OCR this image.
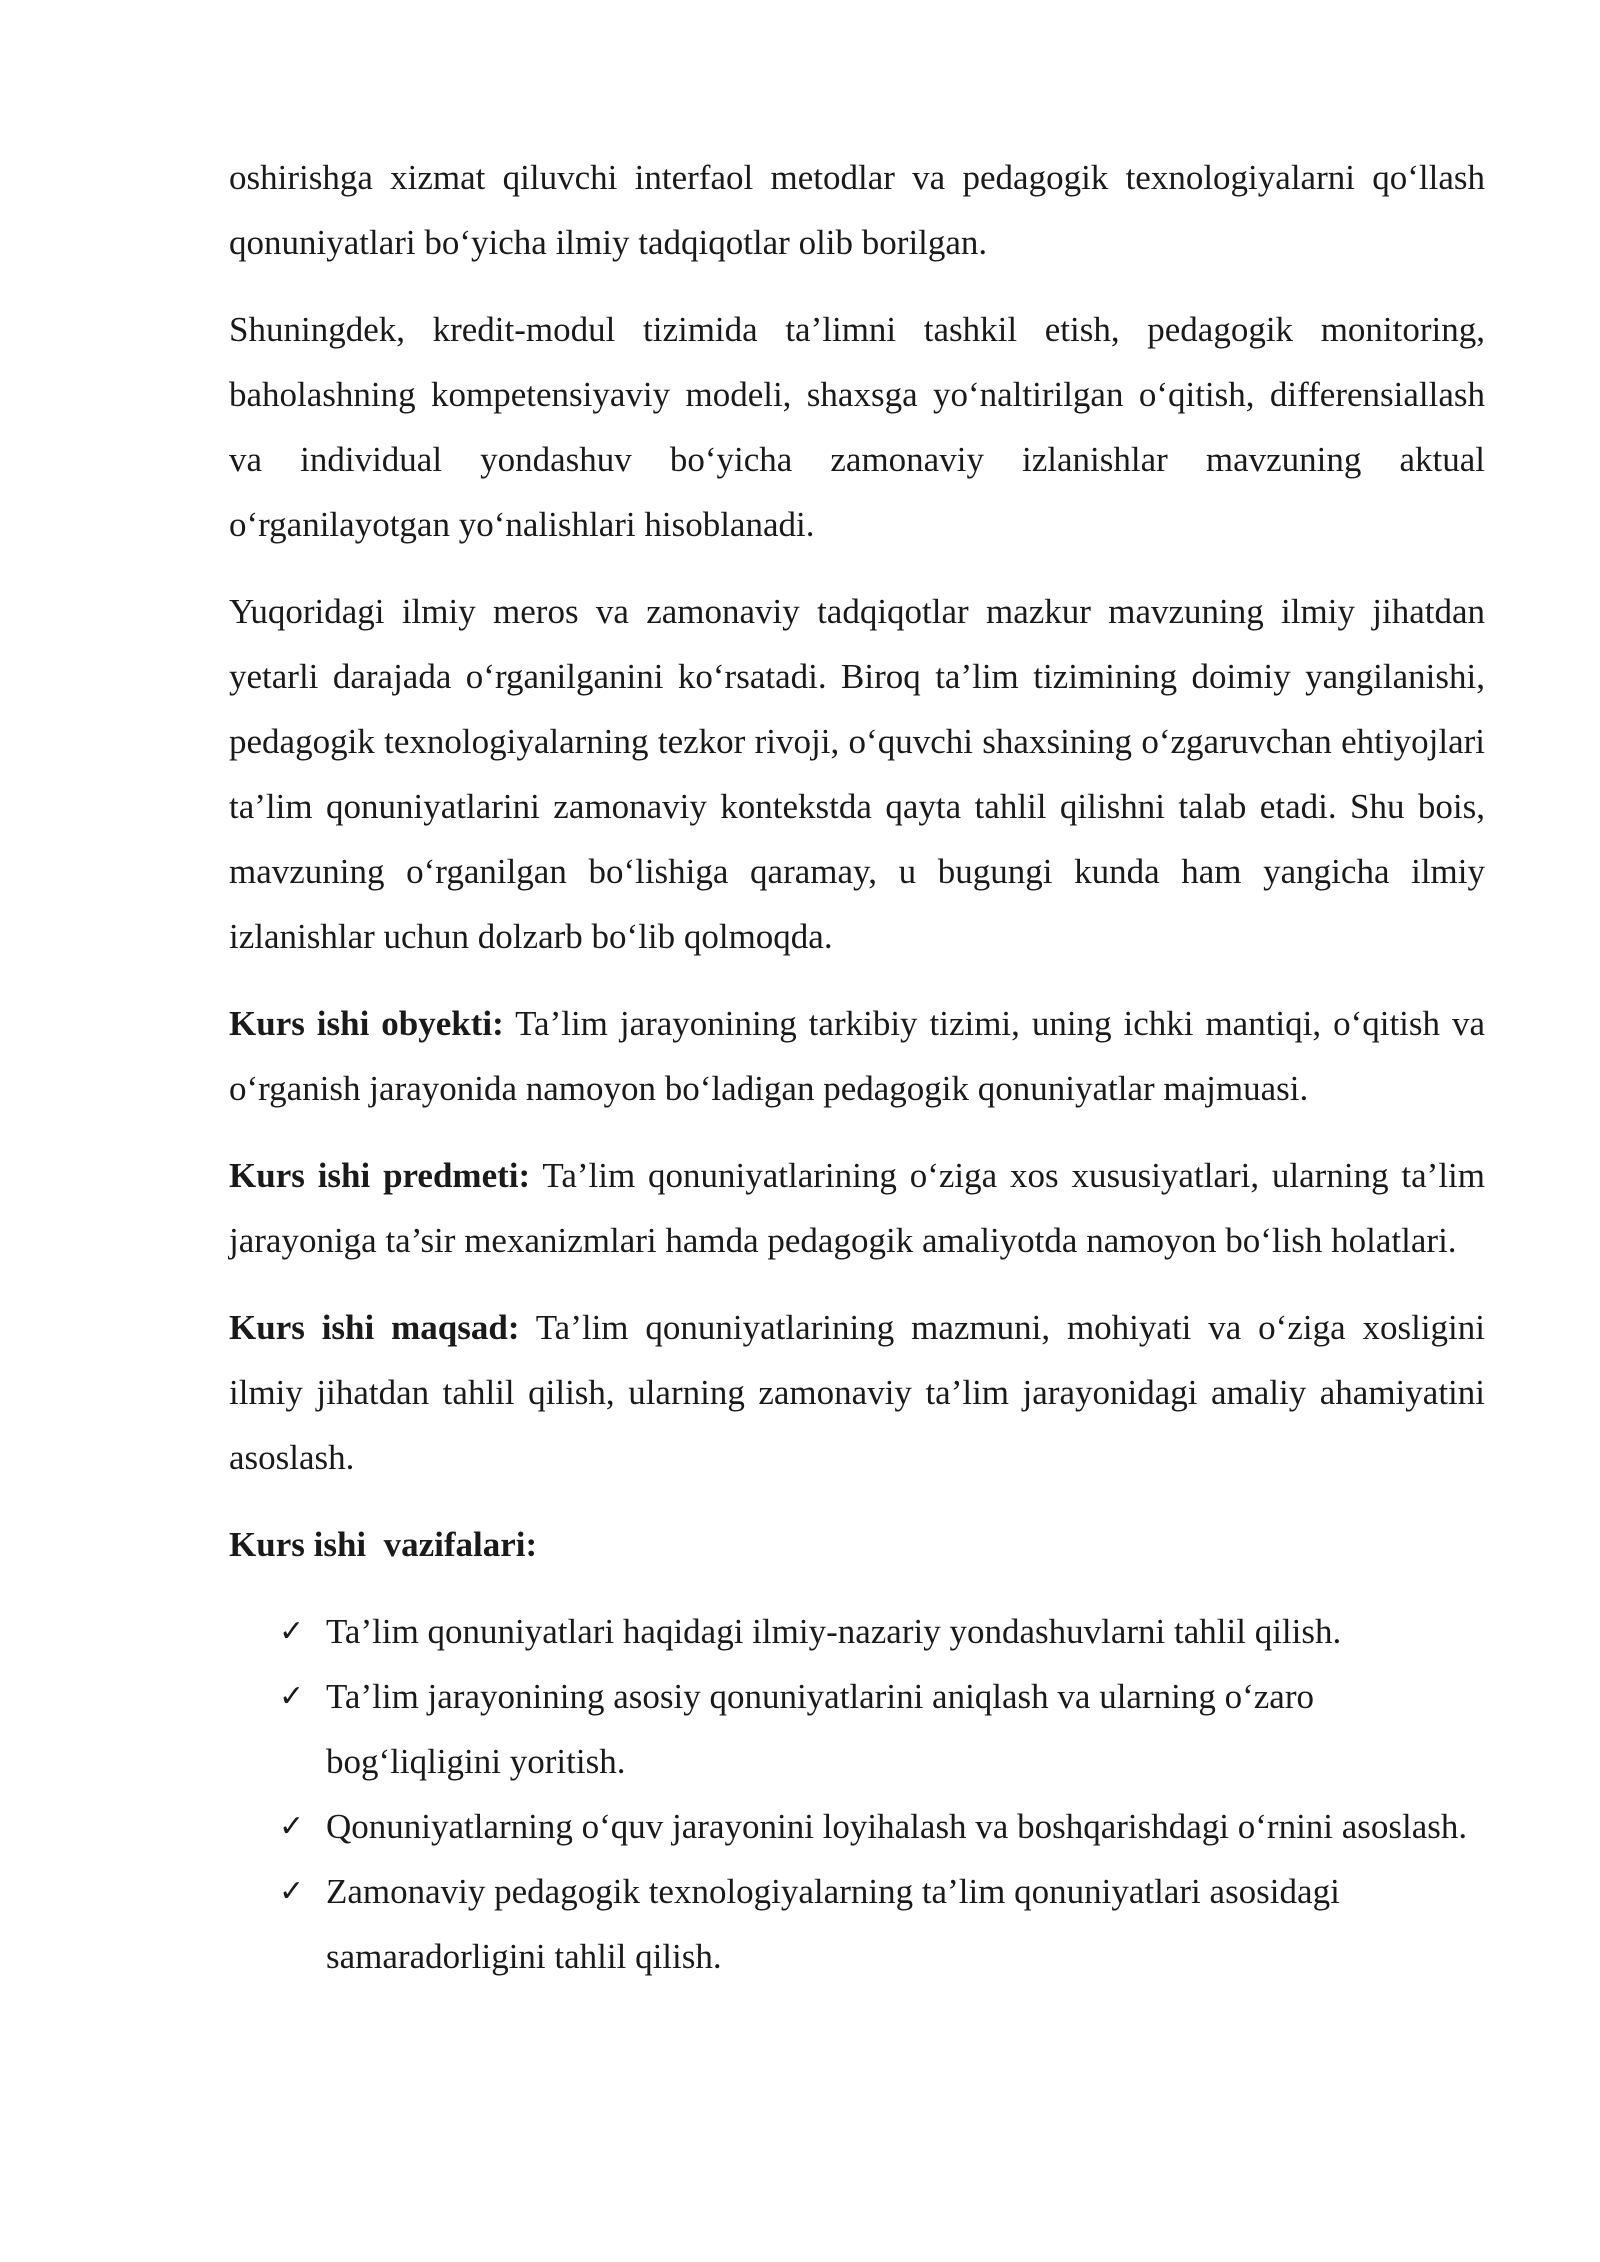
oshirishga xizmat qiluvchi interfaol metodlar va pedagogik texnologiyalarni qo‘llash qonuniyatlari bo‘yicha ilmiy tadqiqotlar olib borilgan.

Shuningdek, kredit-modul tizimida ta’limni tashkil etish, pedagogik monitoring, baholashning kompetensiyaviy modeli, shaxsga yo‘naltirilgan o‘qitish, differensiallash va individual yondashuv bo‘yicha zamonaviy izlanishlar mavzuning aktual o‘rganilayotgan yo‘nalishlari hisoblanadi.

Yuqoridagi ilmiy meros va zamonaviy tadqiqotlar mazkur mavzuning ilmiy jihatdan yetarli darajada o‘rganilganini ko‘rsatadi. Biroq ta’lim tizimining doimiy yangilanishi, pedagogik texnologiyalarning tezkor rivoji, o‘quvchi shaxsining o‘zgaruvchan ehtiyojlari ta’lim qonuniyatlarini zamonaviy kontekstda qayta tahlil qilishni talab etadi. Shu bois, mavzuning o‘rganilgan bo‘lishiga qaramay, u bugungi kunda ham yangicha ilmiy izlanishlar uchun dolzarb bo‘lib qolmoqda.

Kurs ishi obyekti: Ta’lim jarayonining tarkibiy tizimi, uning ichki mantiqi, o‘qitish va o‘rganish jarayonida namoyon bo‘ladigan pedagogik qonuniyatlar majmuasi.

Kurs ishi predmeti: Ta’lim qonuniyatlarining o‘ziga xos xususiyatlari, ularning ta’lim jarayoniga ta’sir mexanizmlari hamda pedagogik amaliyotda namoyon bo‘lish holatlari.

Kurs ishi maqsad: Ta’lim qonuniyatlarining mazmuni, mohiyati va o‘ziga xosligini ilmiy jihatdan tahlil qilish, ularning zamonaviy ta’lim jarayonidagi amaliy ahamiyatini asoslash.

Kurs ishi  vazifalari:

✓ Ta’lim qonuniyatlari haqidagi ilmiy-nazariy yondashuvlarni tahlil qilish.
✓ Ta’lim jarayonining asosiy qonuniyatlarini aniqlash va ularning o‘zaro bog‘liqligini yoritish.
✓ Qonuniyatlarning o‘quv jarayonini loyihalash va boshqarishdagi o‘rnini asoslash.
✓ Zamonaviy pedagogik texnologiyalarning ta’lim qonuniyatlari asosidagi samaradorligini tahlil qilish.
